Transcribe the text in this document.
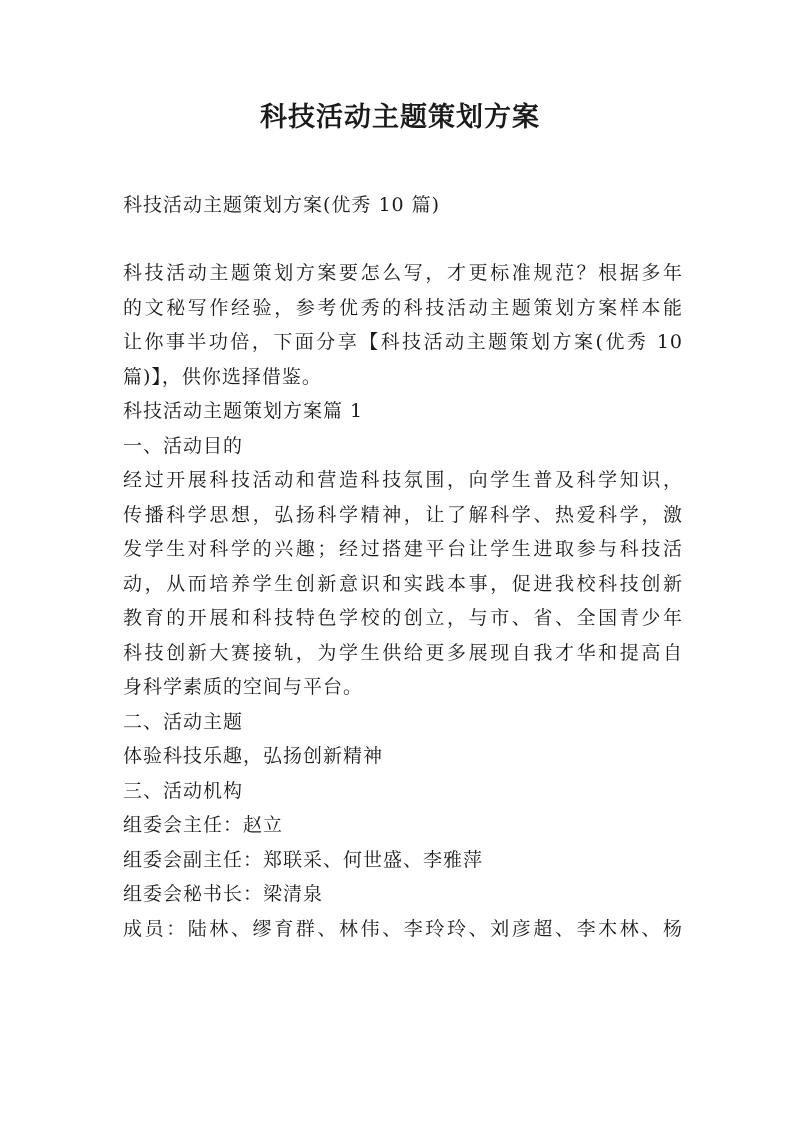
科技活动主题策划方案

科技活动主题策划方案(优秀 10 篇)

科技活动主题策划方案要怎么写，才更标准规范？根据多年
的文秘写作经验，参考优秀的科技活动主题策划方案样本能
让你事半功倍，下面分享【科技活动主题策划方案(优秀 10
篇)】，供你选择借鉴。
科技活动主题策划方案篇 1
一、活动目的
经过开展科技活动和营造科技氛围，向学生普及科学知识，
传播科学思想，弘扬科学精神，让了解科学、热爱科学，激
发学生对科学的兴趣；经过搭建平台让学生进取参与科技活
动，从而培养学生创新意识和实践本事，促进我校科技创新
教育的开展和科技特色学校的创立，与市、省、全国青少年
科技创新大赛接轨，为学生供给更多展现自我才华和提高自
身科学素质的空间与平台。
二、活动主题
体验科技乐趣，弘扬创新精神
三、活动机构
组委会主任：赵立
组委会副主任：郑联采、何世盛、李雅萍
组委会秘书长：梁清泉
成员：陆林、缪育群、林伟、李玲玲、刘彦超、李木林、杨
